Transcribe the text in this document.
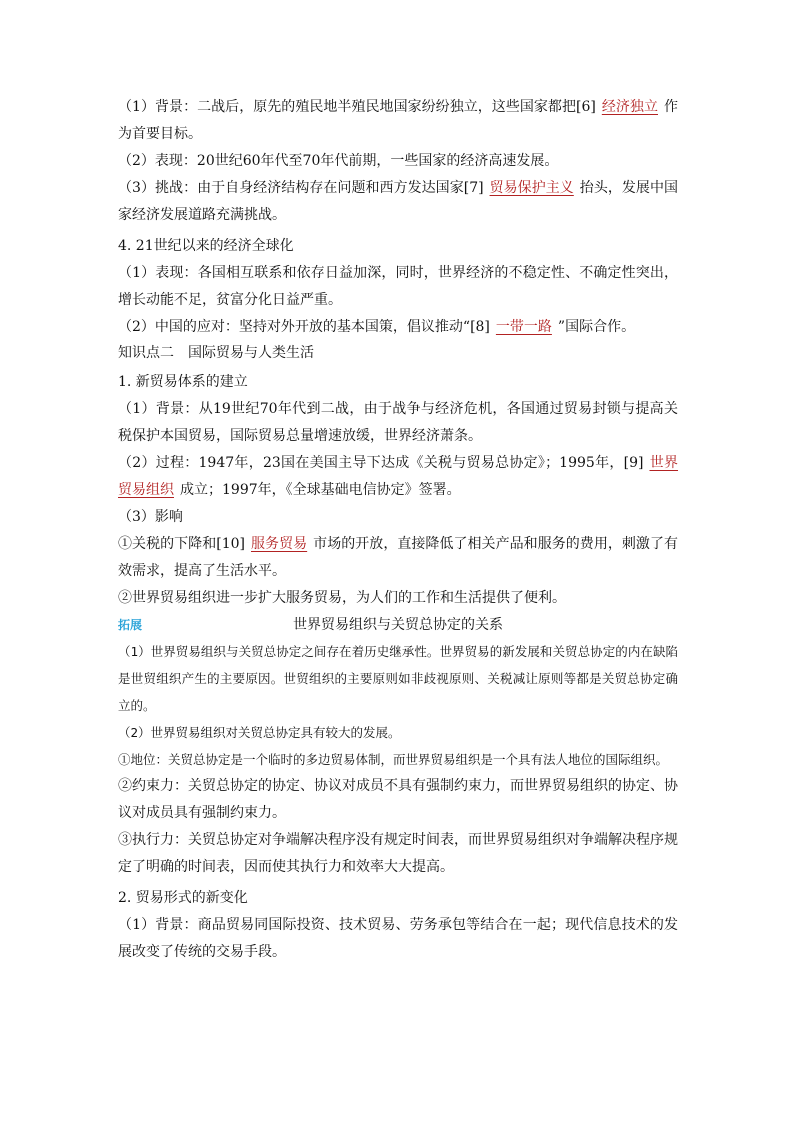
（1）背景：二战后，原先的殖民地半殖民地国家纷纷独立，这些国家都把[6] 经济独立 作为首要目标。
（2）表现：20世纪60年代至70年代前期，一些国家的经济高速发展。
（3）挑战：由于自身经济结构存在问题和西方发达国家[7] 贸易保护主义 抬头，发展中国家经济发展道路充满挑战。
4. 21世纪以来的经济全球化
（1）表现：各国相互联系和依存日益加深，同时，世界经济的不稳定性、不确定性突出，增长动能不足，贫富分化日益严重。
（2）中国的应对：坚持对外开放的基本国策，倡议推动“[8] 一带一路 ”国际合作。
知识点二　国际贸易与人类生活
1. 新贸易体系的建立
（1）背景：从19世纪70年代到二战，由于战争与经济危机，各国通过贸易封锁与提高关税保护本国贸易，国际贸易总量增速放缓，世界经济萧条。
（2）过程：1947年，23国在美国主导下达成《关税与贸易总协定》；1995年，[9] 世界贸易组织 成立；1997年，《全球基础电信协定》签署。
（3）影响
①关税的下降和[10] 服务贸易 市场的开放，直接降低了相关产品和服务的费用，刺激了有效需求，提高了生活水平。
②世界贸易组织进一步扩大服务贸易，为人们的工作和生活提供了便利。
拓展	世界贸易组织与关贸总协定的关系
（1）世界贸易组织与关贸总协定之间存在着历史继承性。世界贸易的新发展和关贸总协定的内在缺陷是世贸组织产生的主要原因。世贸组织的主要原则如非歧视原则、关税减让原则等都是关贸总协定确立的。
（2）世界贸易组织对关贸总协定具有较大的发展。
①地位：关贸总协定是一个临时的多边贸易体制，而世界贸易组织是一个具有法人地位的国际组织。
②约束力：关贸总协定的协定、协议对成员不具有强制约束力，而世界贸易组织的协定、协议对成员具有强制约束力。
③执行力：关贸总协定对争端解决程序没有规定时间表，而世界贸易组织对争端解决程序规定了明确的时间表，因而使其执行力和效率大大提高。
2. 贸易形式的新变化
（1）背景：商品贸易同国际投资、技术贸易、劳务承包等结合在一起；现代信息技术的发展改变了传统的交易手段。
